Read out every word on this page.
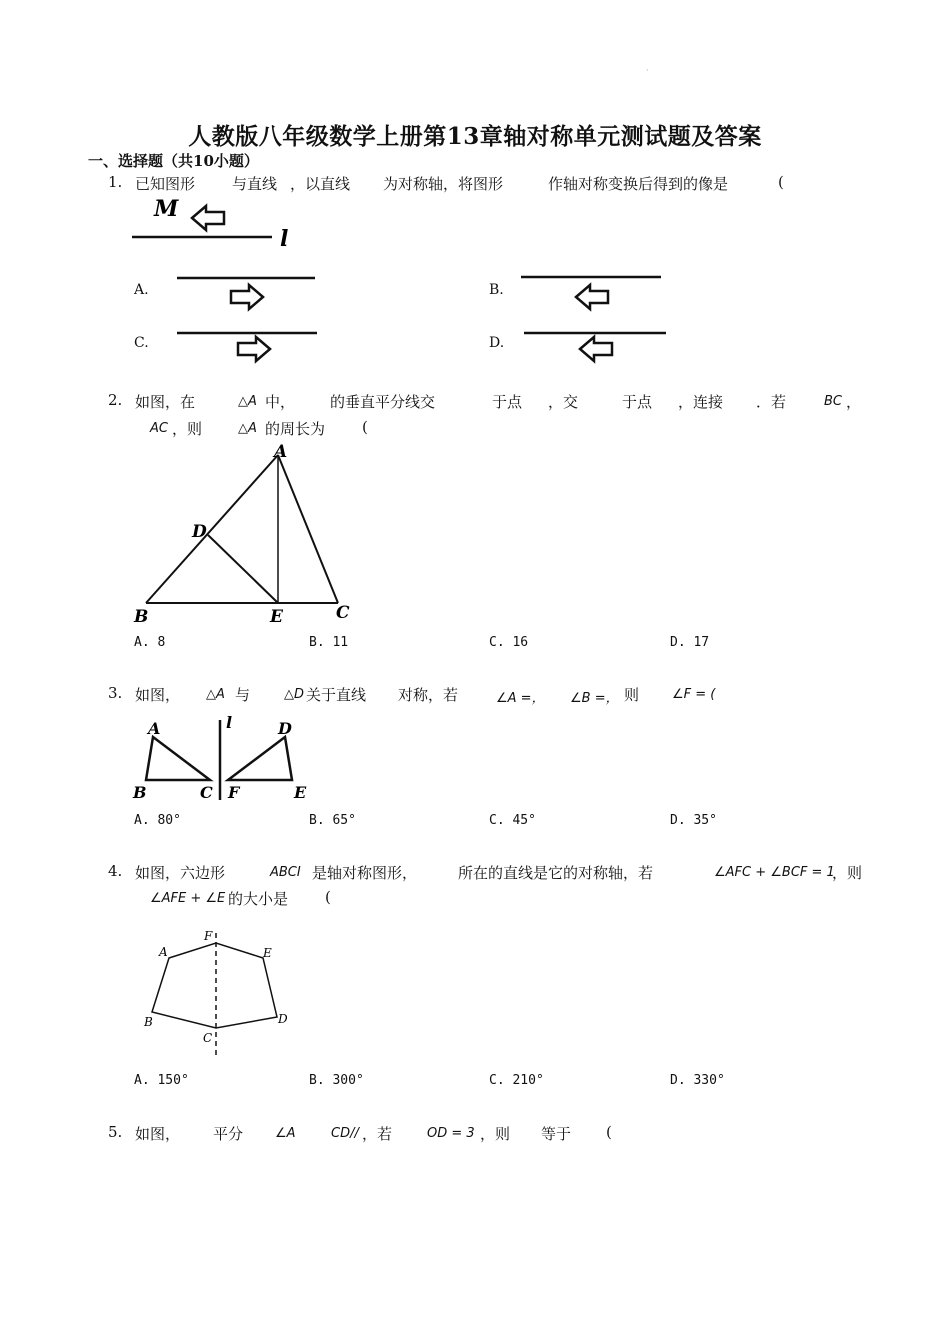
·
人教版八年级数学上册第13章轴对称单元测试题及答案
一、选择题（共10小题）
1. 已知图形 与直线 ，以直线 为对称轴，将图形	作轴对称变换后得到的像是	(
M
l
A.	B.
C.	D.
2. 如图，在	△A 中， 的垂直平分线交	于点 ，交	于点 ，连接 ．若	BC ，
AC ，则	△A 的周长为 (
A
B	C
D
E
A. 8	B. 11	C. 16	D. 17
3. 如图， △A 与	△D 关于直线 对称，若	∠A =， ∠B =， 则	∠F = (
A
B	C
D
E
F
l
A. 80°	B. 65°	C. 45°	D. 35°
4. 如图，六边形	ABCI 是轴对称图形，	所在的直线是它的对称轴，若	∠AFC + ∠BCF = 1
，则
∠AFE + ∠E 的大小是 (
A
B
C
D
E
F
A. 150°	B. 300°	C. 210°	D. 330°
5. 如图， 平分 ∠A	CD// ，若	OD = 3 ，则 等于 (
